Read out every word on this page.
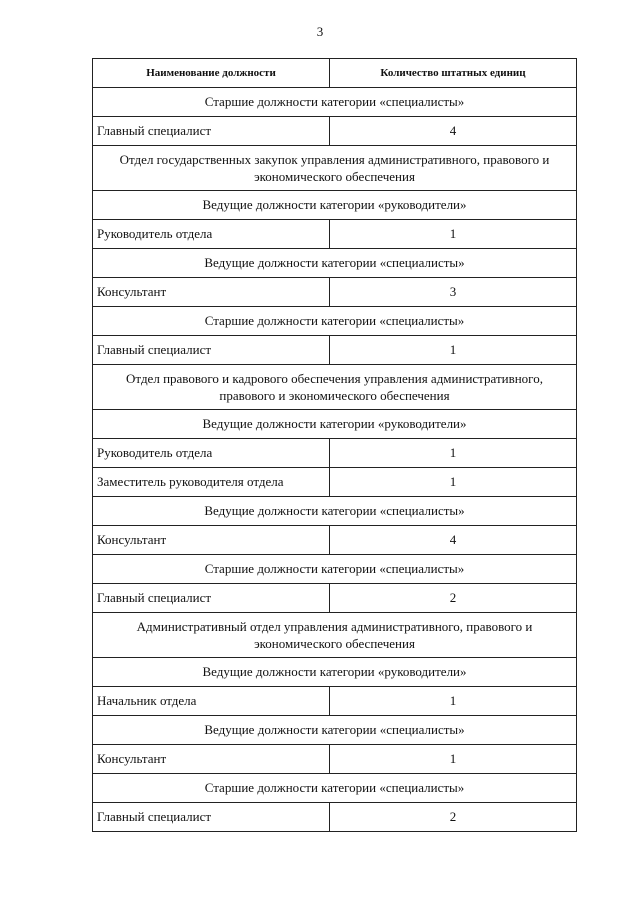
3
Наименование должности	Количество штатных единиц
Старшие должности категории «специалисты»	
Главный специалист	4
Отдел государственных закупок управления административного, правового и экономического обеспечения	
Ведущие должности категории «руководители»	
Руководитель отдела	1
Ведущие должности категории «специалисты»	
Консультант	3
Старшие должности категории «специалисты»	
Главный специалист	1
Отдел правового и кадрового обеспечения управления административного, правового и экономического обеспечения	
Ведущие должности категории «руководители»	
Руководитель отдела	1
Заместитель руководителя отдела	1
Ведущие должности категории «специалисты»	
Консультант	4
Старшие должности категории «специалисты»	
Главный специалист	2
Административный отдел управления административного, правового и экономического обеспечения	
Ведущие должности категории «руководители»	
Начальник отдела	1
Ведущие должности категории «специалисты»	
Консультант	1
Старшие должности категории «специалисты»	
Главный специалист	2
